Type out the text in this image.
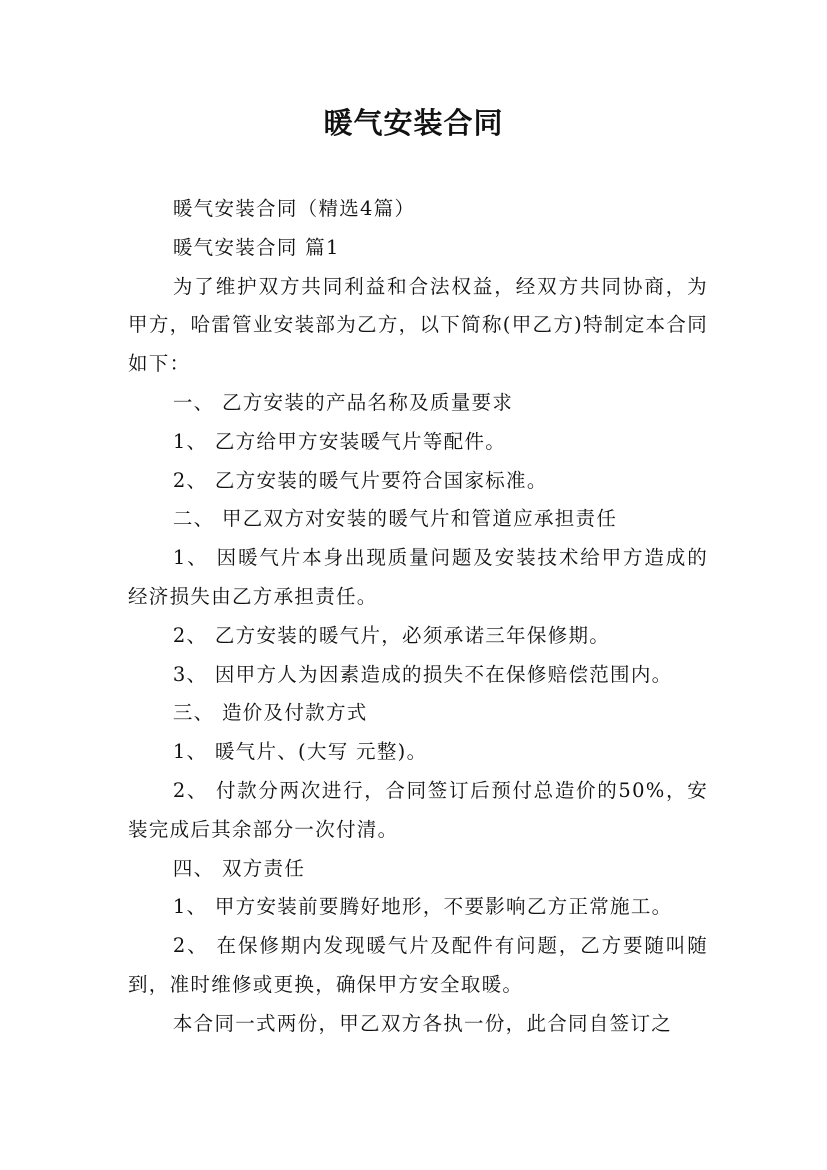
暖气安装合同

暖气安装合同（精选4篇）

暖气安装合同 篇1

为了维护双方共同利益和合法权益，经双方共同协商，为甲方，哈雷管业安装部为乙方，以下简称(甲乙方)特制定本合同如下：

一、 乙方安装的产品名称及质量要求

1、 乙方给甲方安装暖气片等配件。

2、 乙方安装的暖气片要符合国家标准。

二、 甲乙双方对安装的暖气片和管道应承担责任

1、 因暖气片本身出现质量问题及安装技术给甲方造成的经济损失由乙方承担责任。

2、 乙方安装的暖气片，必须承诺三年保修期。

3、 因甲方人为因素造成的损失不在保修赔偿范围内。

三、 造价及付款方式

1、 暖气片、(大写 元整)。

2、 付款分两次进行，合同签订后预付总造价的50%，安装完成后其余部分一次付清。

四、 双方责任

1、 甲方安装前要腾好地形，不要影响乙方正常施工。

2、 在保修期内发现暖气片及配件有问题，乙方要随叫随到，准时维修或更换，确保甲方安全取暖。

本合同一式两份，甲乙双方各执一份，此合同自签订之
